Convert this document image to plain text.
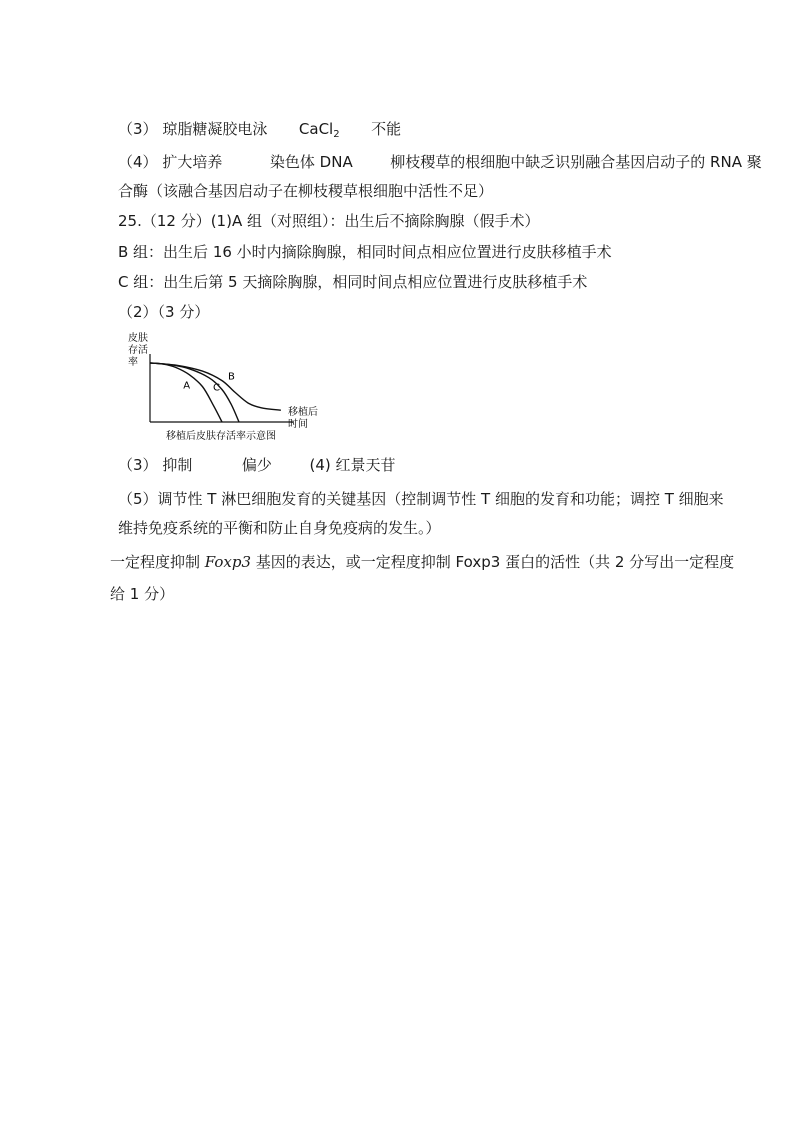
（3） 琼脂糖凝胶电泳 CaCl$_2$ 不能
（4） 扩大培养	染色体 DNA	柳枝稷草的根细胞中缺乏识别融合基因启动子的 RNA 聚
合酶（该融合基因启动子在柳枝稷草根细胞中活性不足）
25.（12 分）(1)A 组（对照组）：出生后不摘除胸腺（假手术）
B 组：出生后 16 小时内摘除胸腺，相同时间点相应位置进行皮肤移植手术
C 组：出生后第 5 天摘除胸腺，相同时间点相应位置进行皮肤移植手术
（2）（3 分）
皮肤
存活
率
A C
B
移植后
时间
移植后皮肤存活率示意图
（3） 抑制	偏少	(4) 红景天苷
（5）调节性 T 淋巴细胞发育的关键基因（控制调节性 T 细胞的发育和功能；调控 T 细胞来
维持免疫系统的平衡和防止自身免疫病的发生。）
一定程度抑制 Foxp3 基因的表达，或一定程度抑制 Foxp3 蛋白的活性（共 2 分写出一定程度
给 1 分）
